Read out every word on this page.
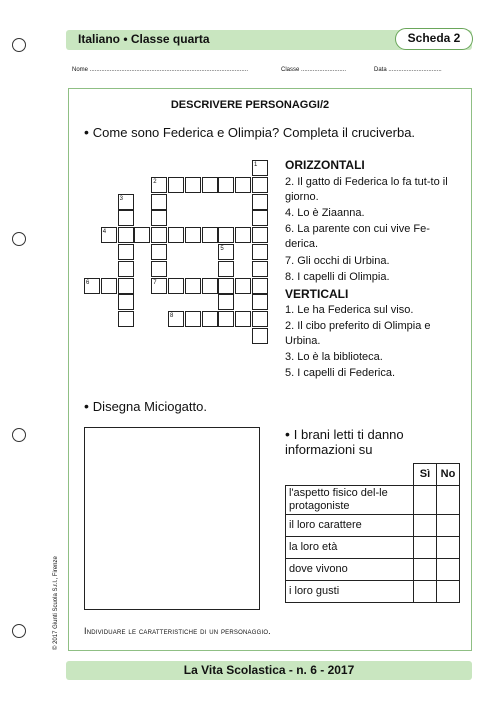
Italiano • Classe quarta	Scheda 2
Nome ...............................................................................................	Classe ...........................	Data ................................
DESCRIVERE PERSONAGGI/2
• Come sono Federica e Olimpia? Completa il cruciverba.
1
2
3
4
5
6	7
8
ORIZZONTALI
2. Il gatto di Federica lo fa tut-to il giorno.
4. Lo è Ziaanna.
6. La parente con cui vive Fe-derica.
7. Gli occhi di Urbina.
8. I capelli di Olimpia.
VERTICALI
1. Le ha Federica sul viso.
2. Il cibo preferito di Olimpia e Urbina.
3. Lo è la biblioteca.
5. I capelli di Federica.
• Disegna Miciogatto.
• I brani letti ti danno informazioni su
	Sì	No
l'aspetto fisico del-le protagoniste		
il loro carattere		
la loro età		
dove vivono		
i loro gusti		
Individuare le caratteristiche di un personaggio.
La Vita Scolastica - n. 6 - 2017
© 2017 Giunti Scuola S.r.l., Firenze
